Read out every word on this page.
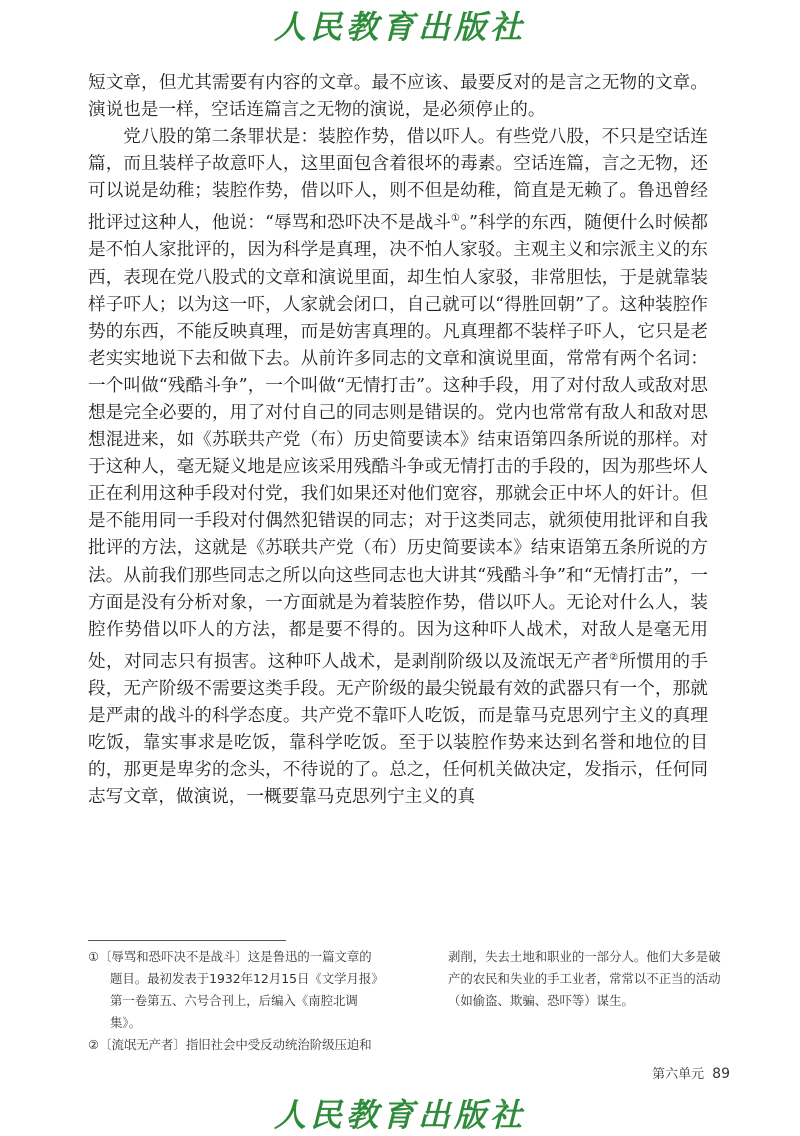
人民教育出版社

短文章，但尤其需要有内容的文章。最不应该、最要反对的是言之无物的文章。演说也是一样，空话连篇言之无物的演说，是必须停止的。

党八股的第二条罪状是：装腔作势，借以吓人。有些党八股，不只是空话连篇，而且装样子故意吓人，这里面包含着很坏的毒素。空话连篇，言之无物，还可以说是幼稚；装腔作势，借以吓人，则不但是幼稚，简直是无赖了。鲁迅曾经批评过这种人，他说：“辱骂和恐吓决不是战斗①。”科学的东西，随便什么时候都是不怕人家批评的，因为科学是真理，决不怕人家驳。主观主义和宗派主义的东西，表现在党八股式的文章和演说里面，却生怕人家驳，非常胆怯，于是就靠装样子吓人；以为这一吓，人家就会闭口，自己就可以“得胜回朝”了。这种装腔作势的东西，不能反映真理，而是妨害真理的。凡真理都不装样子吓人，它只是老老实实地说下去和做下去。从前许多同志的文章和演说里面，常常有两个名词：一个叫做“残酷斗争”，一个叫做“无情打击”。这种手段，用了对付敌人或敌对思想是完全必要的，用了对付自己的同志则是错误的。党内也常常有敌人和敌对思想混进来，如《苏联共产党（布）历史简要读本》结束语第四条所说的那样。对于这种人，毫无疑义地是应该采用残酷斗争或无情打击的手段的，因为那些坏人正在利用这种手段对付党，我们如果还对他们宽容，那就会正中坏人的奸计。但是不能用同一手段对付偶然犯错误的同志；对于这类同志，就须使用批评和自我批评的方法，这就是《苏联共产党（布）历史简要读本》结束语第五条所说的方法。从前我们那些同志之所以向这些同志也大讲其“残酷斗争”和“无情打击”，一方面是没有分析对象，一方面就是为着装腔作势，借以吓人。无论对什么人，装腔作势借以吓人的方法，都是要不得的。因为这种吓人战术，对敌人是毫无用处，对同志只有损害。这种吓人战术，是剥削阶级以及流氓无产者②所惯用的手段，无产阶级不需要这类手段。无产阶级的最尖锐最有效的武器只有一个，那就是严肃的战斗的科学态度。共产党不靠吓人吃饭，而是靠马克思列宁主义的真理吃饭，靠实事求是吃饭，靠科学吃饭。至于以装腔作势来达到名誉和地位的目的，那更是卑劣的念头，不待说的了。总之，任何机关做决定，发指示，任何同志写文章，做演说，一概要靠马克思列宁主义的真

①〔辱骂和恐吓决不是战斗〕这是鲁迅的一篇文章的

题目。最初发表于1932年12月15日《文学月报》第一卷第五、六号合刊上，后编入《南腔北调集》。

②〔流氓无产者〕指旧社会中受反动统治阶级压迫和

剥削，失去土地和职业的一部分人。他们大多是破产的农民和失业的手工业者，常常以不正当的活动（如偷盗、欺骗、恐吓等）谋生。

第六单元 89
人民教育出版社
